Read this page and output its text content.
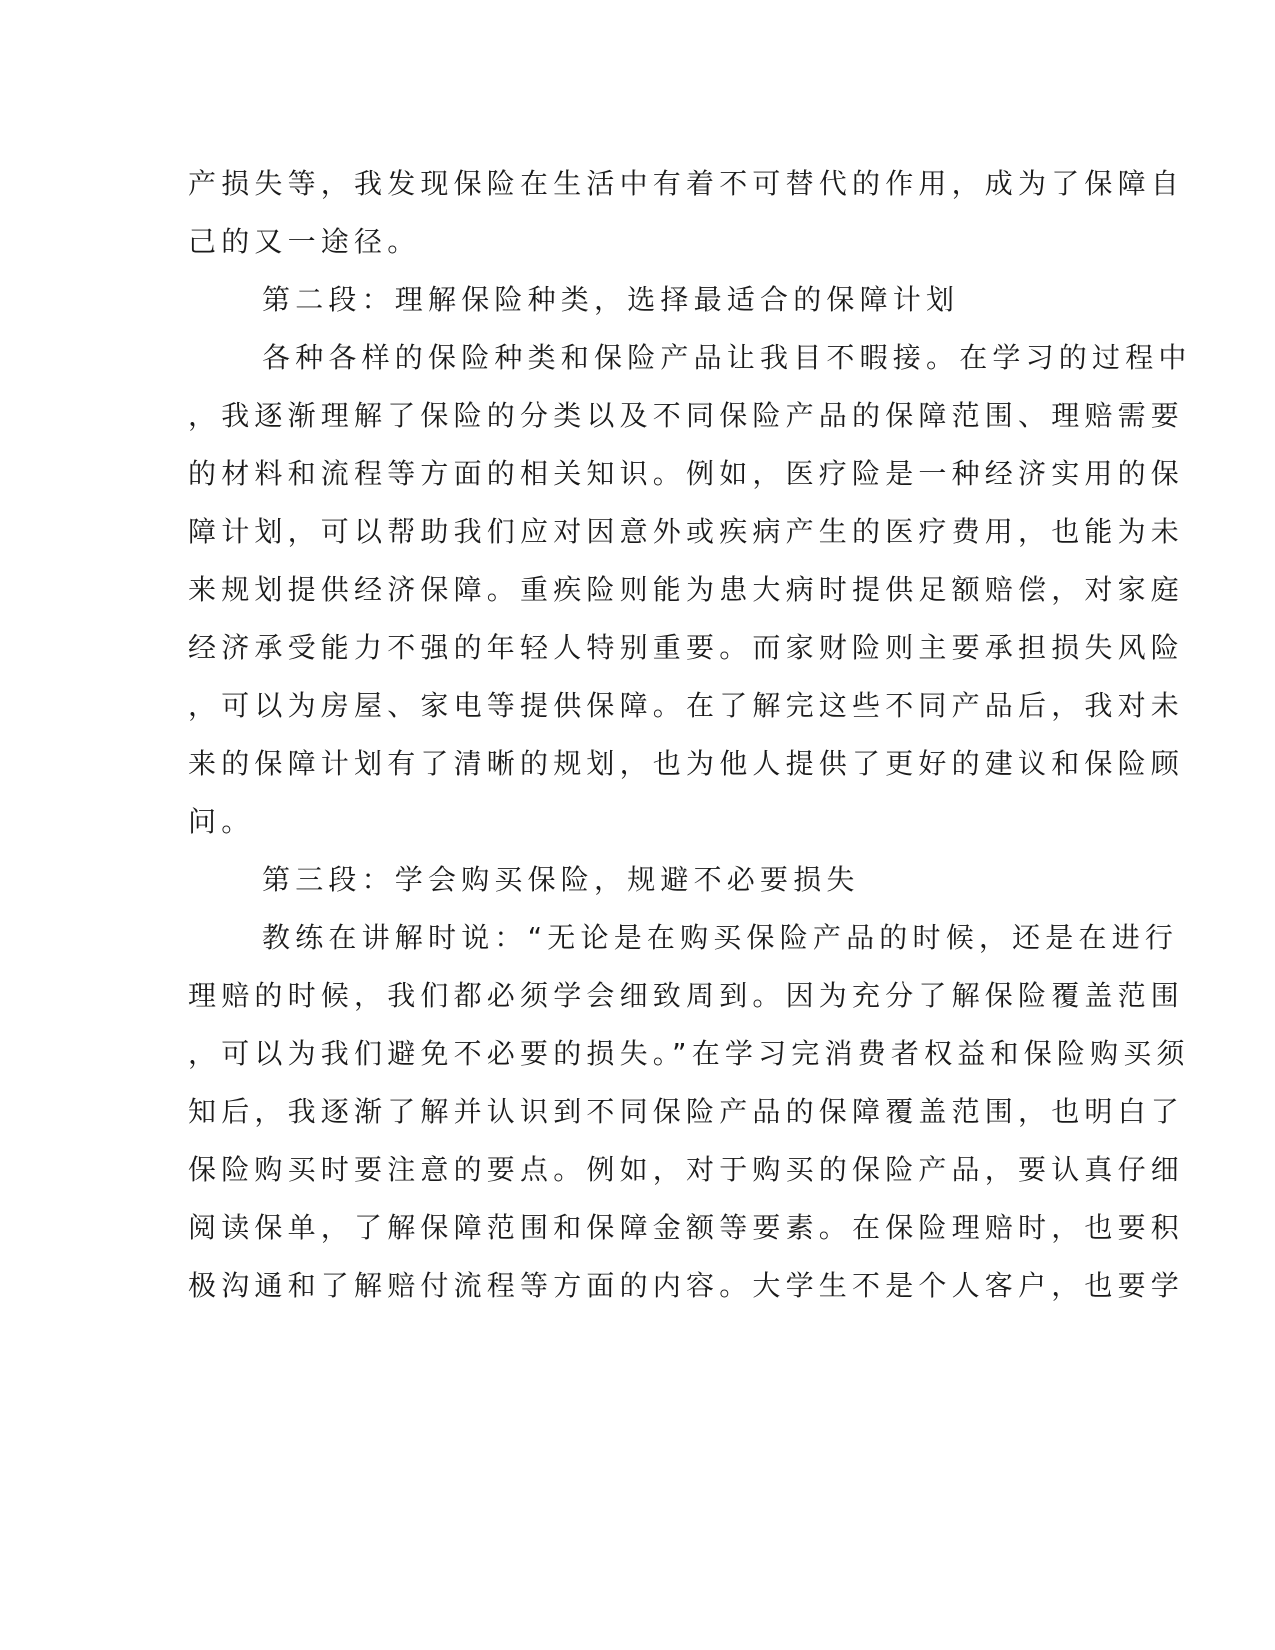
产损失等，我发现保险在生活中有着不可替代的作用，成为了保障自

己的又一途径。

第二段：理解保险种类，选择最适合的保障计划

各种各样的保险种类和保险产品让我目不暇接。在学习的过程中

，我逐渐理解了保险的分类以及不同保险产品的保障范围、理赔需要

的材料和流程等方面的相关知识。例如，医疗险是一种经济实用的保

障计划，可以帮助我们应对因意外或疾病产生的医疗费用，也能为未

来规划提供经济保障。重疾险则能为患大病时提供足额赔偿，对家庭

经济承受能力不强的年轻人特别重要。而家财险则主要承担损失风险

，可以为房屋、家电等提供保障。在了解完这些不同产品后，我对未

来的保障计划有了清晰的规划，也为他人提供了更好的建议和保险顾

问。

第三段：学会购买保险，规避不必要损失

教练在讲解时说：“无论是在购买保险产品的时候，还是在进行

理赔的时候，我们都必须学会细致周到。因为充分了解保险覆盖范围

，可以为我们避免不必要的损失。”在学习完消费者权益和保险购买须

知后，我逐渐了解并认识到不同保险产品的保障覆盖范围，也明白了

保险购买时要注意的要点。例如，对于购买的保险产品，要认真仔细

阅读保单，了解保障范围和保障金额等要素。在保险理赔时，也要积

极沟通和了解赔付流程等方面的内容。大学生不是个人客户，也要学
